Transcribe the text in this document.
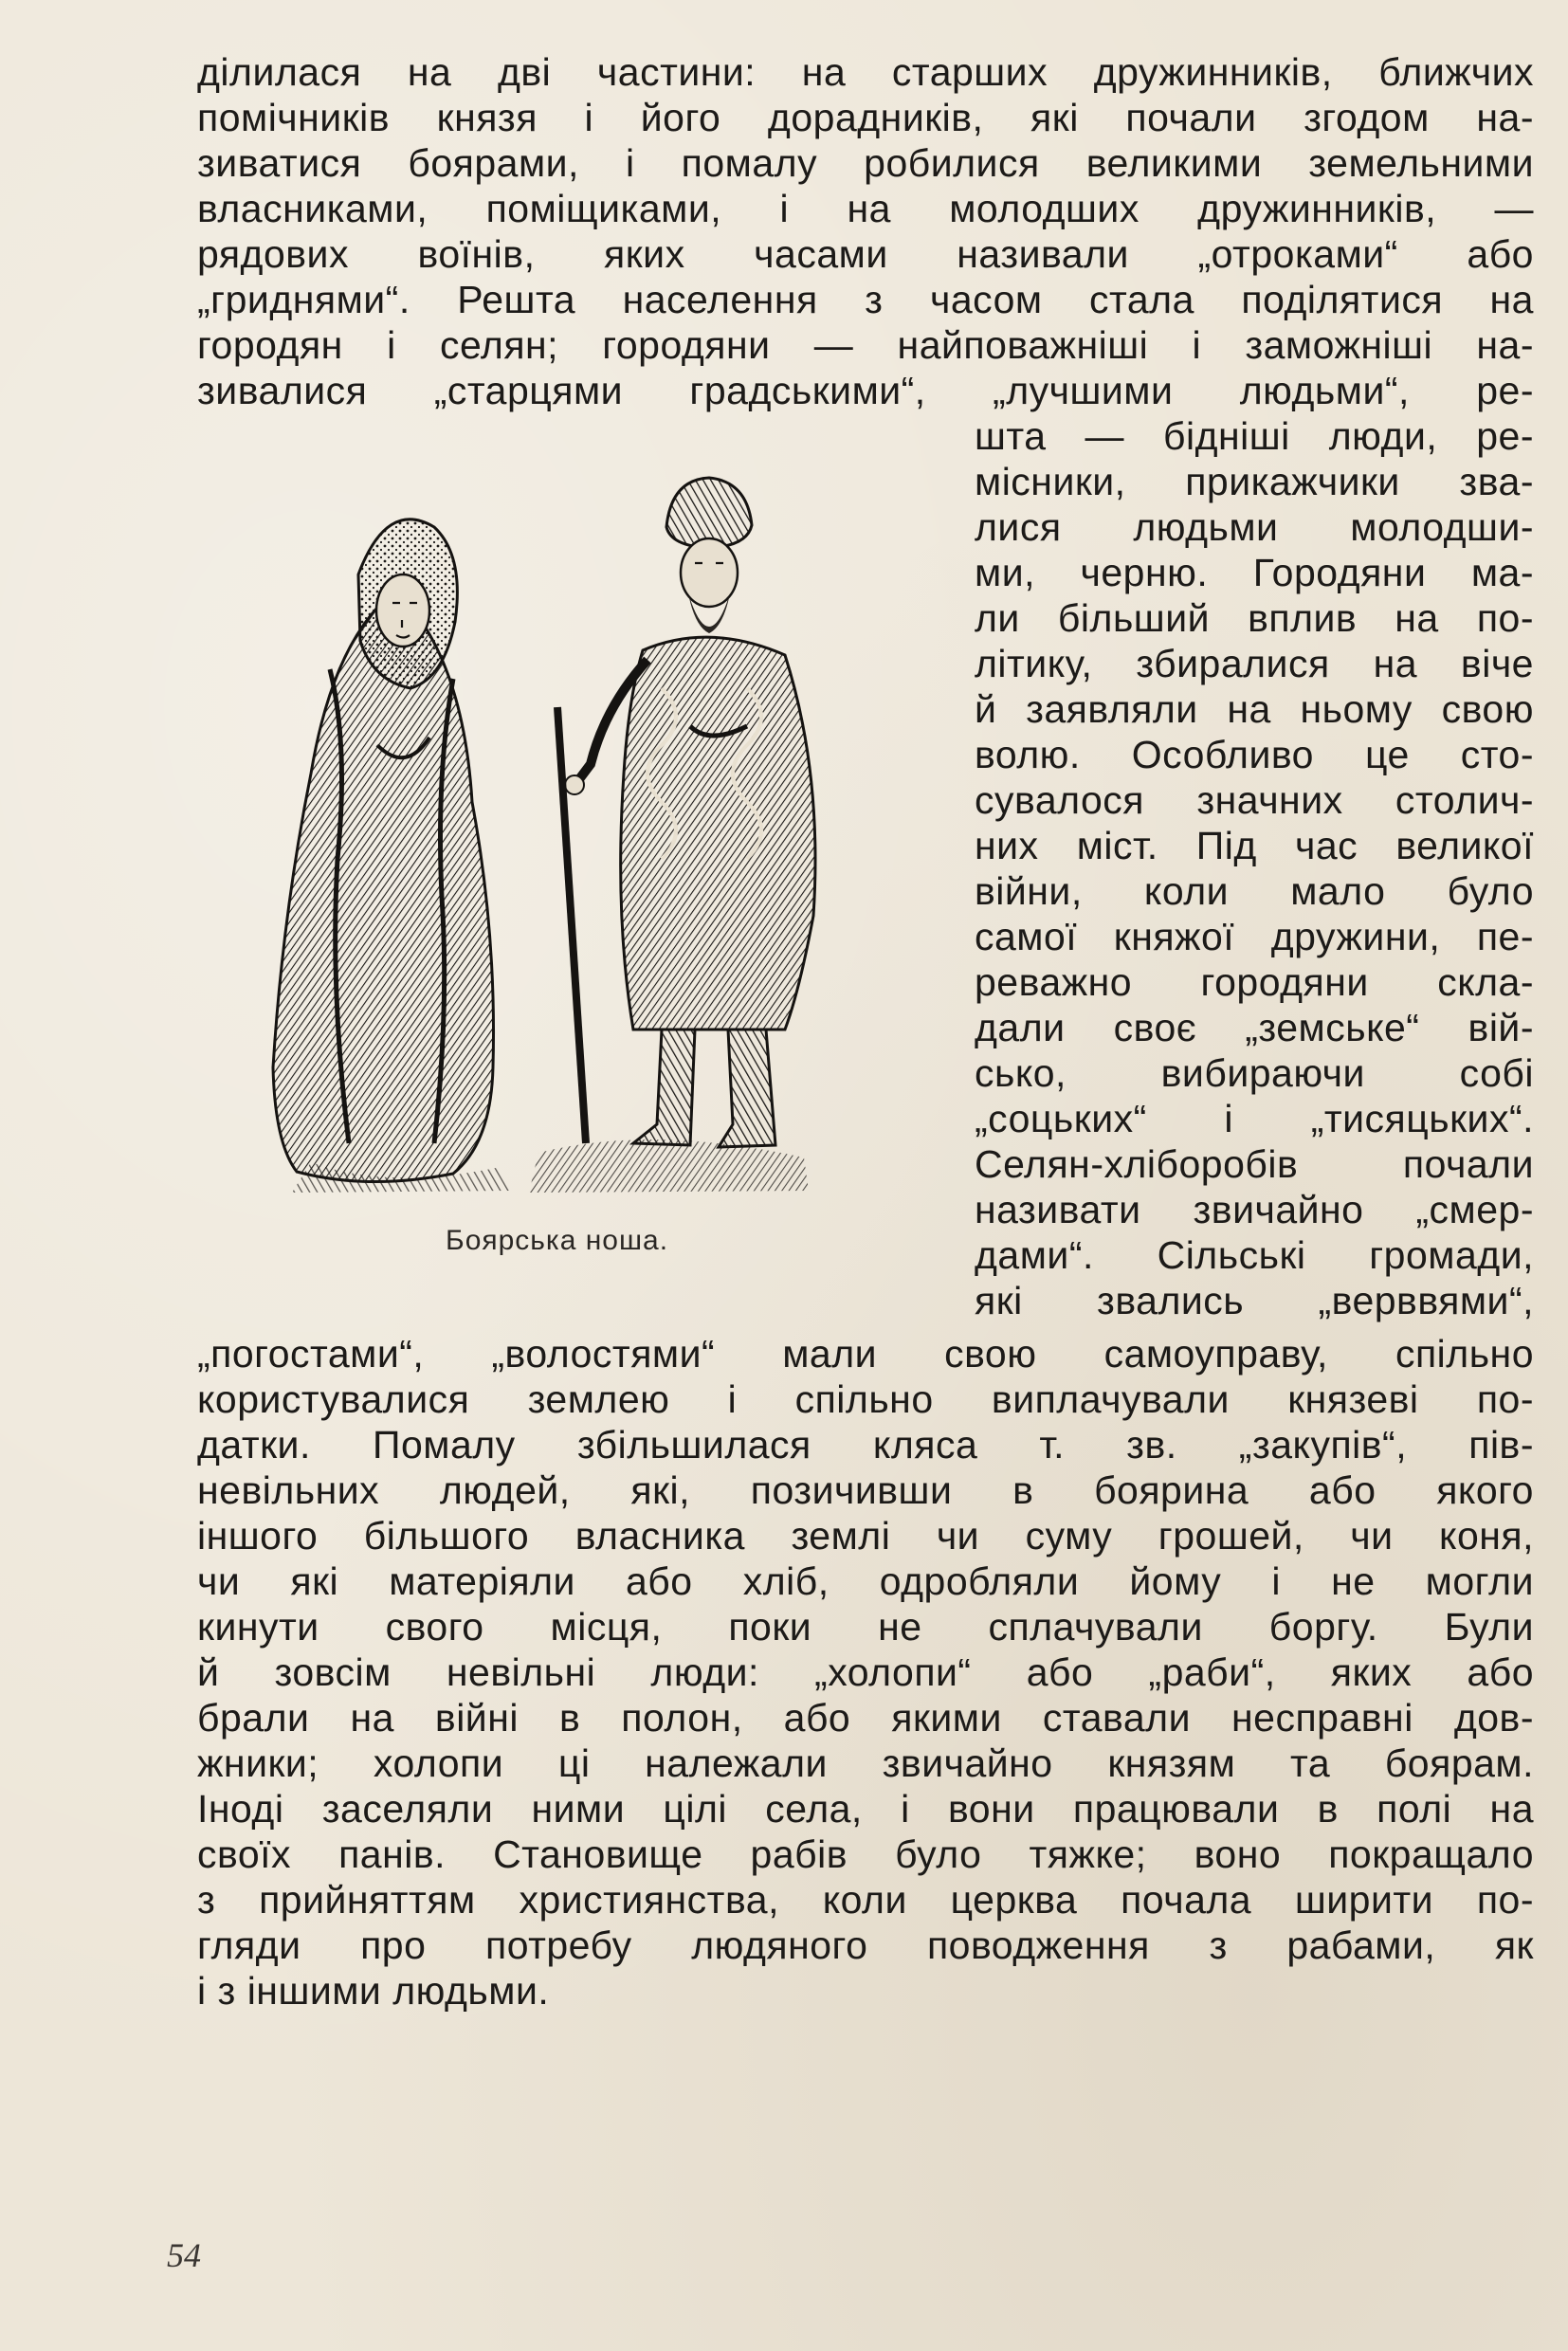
ділилася на дві частини: на старших дружинників, ближчих
помічників князя і його дорадників, які почали згодом на-
зиватися боярами, і помалу робилися великими земельними
власниками, поміщиками, і на молодших дружинників, —
рядових воїнів, яких часами називали „отроками“ або
„гриднями“. Решта населення з часом стала поділятися на
городян і селян; городяни — найповажніші і заможніші на-
зивалися „старцями градськими“, „лучшими людьми“, ре-
Боярська ноша.
шта — бідніші люди, ре-
місники, прикажчики зва-
лися людьми молодши-
ми, черню. Городяни ма-
ли більший вплив на по-
літику, збиралися на віче
й заявляли на ньому свою
волю. Особливо це сто-
сувалося значних столич-
них міст. Під час великої
війни, коли мало було
самої княжої дружини, пе-
реважно городяни скла-
дали своє „земське“ вій-
сько, вибираючи собі
„соцьких“ і „тисяцьких“.
Селян-хліборобів почали
називати звичайно „смер-
дами“. Сільські громади,
які звались „верввями“,
„погостами“, „волостями“ мали свою самоуправу, спільно
користувалися землею і спільно виплачували князеві по-
датки. Помалу збільшилася кляса т. зв. „закупів“, пів-
невільних людей, які, позичивши в боярина або якого
іншого більшого власника землі чи суму грошей, чи коня,
чи які матеріяли або хліб, одробляли йому і не могли
кинути свого місця, поки не сплачували боргу. Були
й зовсім невільні люди: „холопи“ або „раби“, яких або
брали на війні в полон, або якими ставали несправні дов-
жники; холопи ці належали звичайно князям та боярам.
Іноді заселяли ними цілі села, і вони працювали в полі на
своїх панів. Становище рабів було тяжке; воно покращало
з прийняттям християнства, коли церква почала ширити по-
гляди про потребу людяного поводження з рабами, як
і з іншими людьми.
54
